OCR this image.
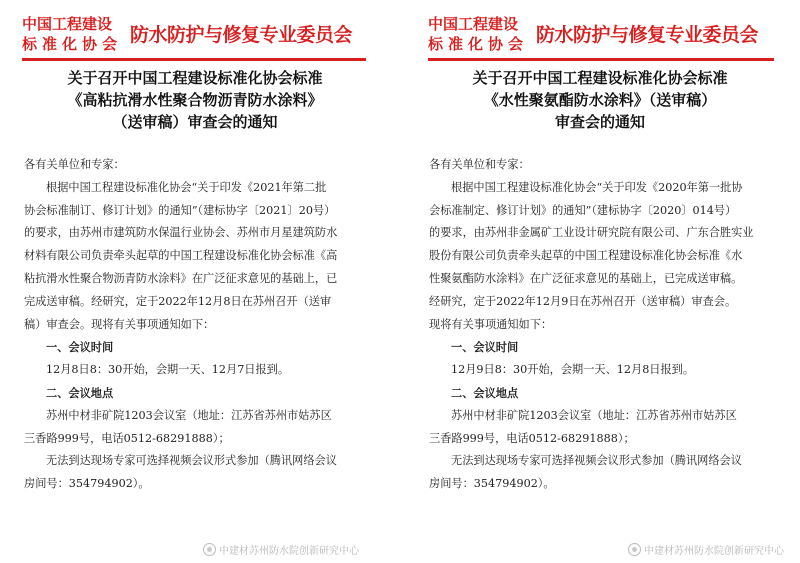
中国工程建设
标准化协会 防水防护与修复专业委员会
关于召开中国工程建设标准化协会标准
《高粘抗滑水性聚合物沥青防水涂料》
（送审稿）审查会的通知
各有关单位和专家：
根据中国工程建设标准化协会“关于印发《2021年第二批
协会标准制订、修订计划》的通知”（建标协字〔2021〕20号）
的要求，由苏州市建筑防水保温行业协会、苏州市月星建筑防水
材料有限公司负责牵头起草的中国工程建设标准化协会标准《高
粘抗滑水性聚合物沥青防水涂料》在广泛征求意见的基础上，已
完成送审稿。经研究，定于2022年12月8日在苏州召开（送审
稿）审查会。现将有关事项通知如下：
一、会议时间
12月8日8：30开始，会期一天、12月7日报到。
二、会议地点
苏州中材非矿院1203会议室（地址：江苏省苏州市姑苏区
三香路999号，电话0512-68291888）；
无法到达现场专家可选择视频会议形式参加（腾讯网络会议
房间号：354794902）。
中建材苏州防水院创新研究中心
中国工程建设
标准化协会 防水防护与修复专业委员会
关于召开中国工程建设标准化协会标准
《水性聚氨酯防水涂料》（送审稿）
审查会的通知
各有关单位和专家：
根据中国工程建设标准化协会“关于印发《2020年第一批协
会标准制定、修订计划》的通知”（建标协字〔2020〕014号）
的要求，由苏州非金属矿工业设计研究院有限公司、广东合胜实业
股份有限公司负责牵头起草的中国工程建设标准化协会标准《水
性聚氨酯防水涂料》在广泛征求意见的基础上，已完成送审稿。
经研究，定于2022年12月9日在苏州召开（送审稿）审查会。
现将有关事项通知如下：
一、会议时间
12月9日8：30开始，会期一天、12月8日报到。
二、会议地点
苏州中材非矿院1203会议室（地址：江苏省苏州市姑苏区
三香路999号，电话0512-68291888）；
无法到达现场专家可选择视频会议形式参加（腾讯网络会议
房间号：354794902）。
中建材苏州防水院创新研究中心
